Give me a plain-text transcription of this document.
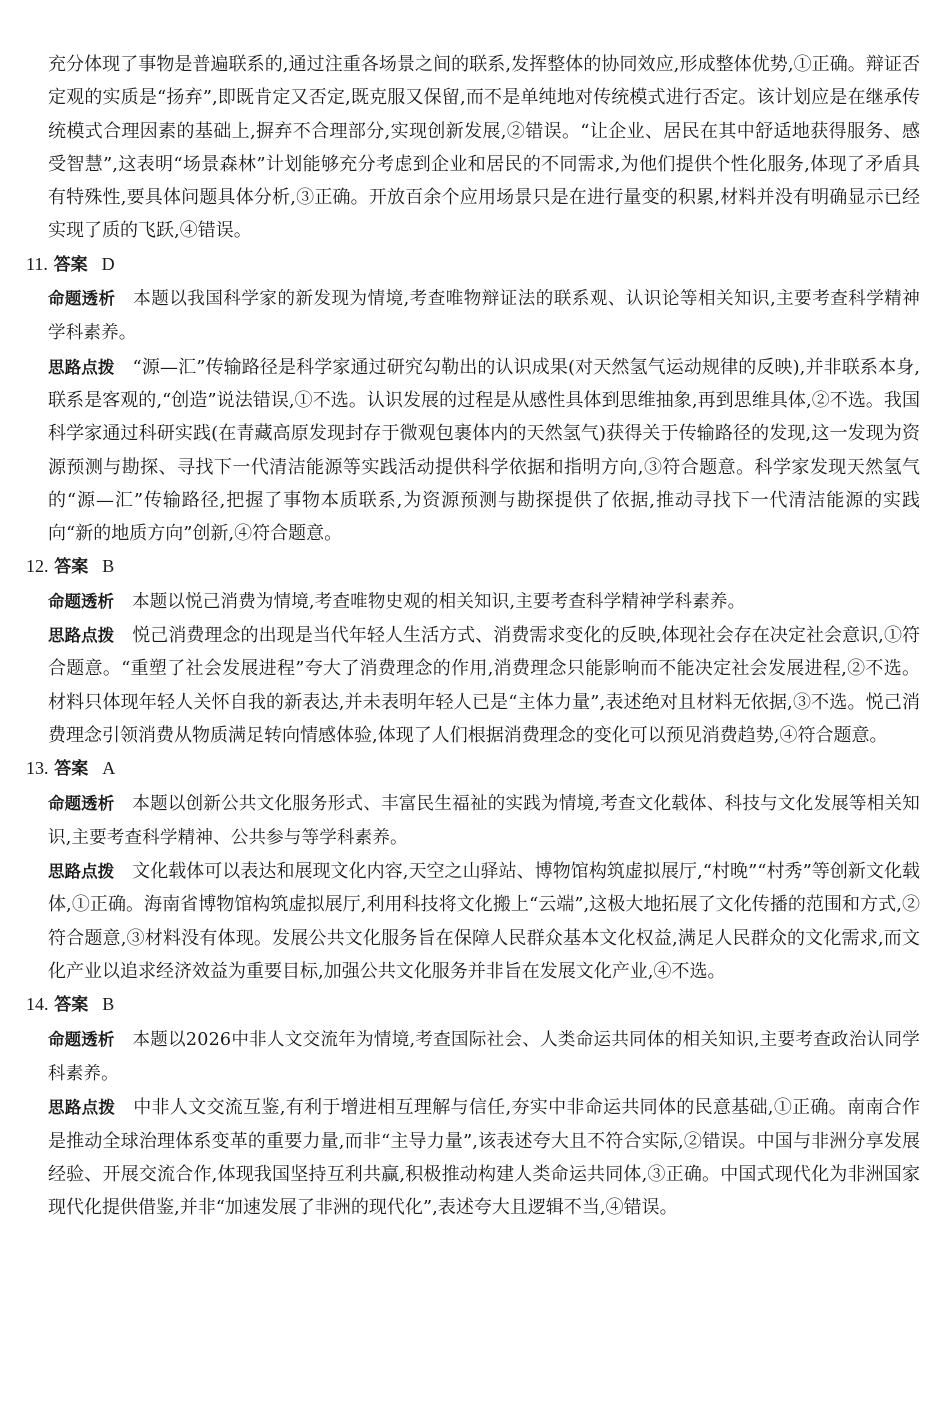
充分体现了事物是普遍联系的,通过注重各场景之间的联系,发挥整体的协同效应,形成整体优势,①正确。辩证否定观的实质是“扬弃”,即既肯定又否定,既克服又保留,而不是单纯地对传统模式进行否定。该计划应是在继承传统模式合理因素的基础上,摒弃不合理部分,实现创新发展,②错误。“让企业、居民在其中舒适地获得服务、感受智慧”,这表明“场景森林”计划能够充分考虑到企业和居民的不同需求,为他们提供个性化服务,体现了矛盾具有特殊性,要具体问题具体分析,③正确。开放百余个应用场景只是在进行量变的积累,材料并没有明确显示已经实现了质的飞跃,④错误。

11. 答案 D

命题透析 本题以我国科学家的新发现为情境,考查唯物辩证法的联系观、认识论等相关知识,主要考查科学精神学科素养。
思路点拨 “源—汇”传输路径是科学家通过研究勾勒出的认识成果(对天然氢气运动规律的反映),并非联系本身,联系是客观的,“创造”说法错误,①不选。认识发展的过程是从感性具体到思维抽象,再到思维具体,②不选。我国科学家通过科研实践(在青藏高原发现封存于微观包裹体内的天然氢气)获得关于传输路径的发现,这一发现为资源预测与勘探、寻找下一代清洁能源等实践活动提供科学依据和指明方向,③符合题意。科学家发现天然氢气的“源—汇”传输路径,把握了事物本质联系,为资源预测与勘探提供了依据,推动寻找下一代清洁能源的实践向“新的地质方向”创新,④符合题意。

12. 答案 B

命题透析 本题以悦己消费为情境,考查唯物史观的相关知识,主要考查科学精神学科素养。
思路点拨 悦己消费理念的出现是当代年轻人生活方式、消费需求变化的反映,体现社会存在决定社会意识,①符合题意。“重塑了社会发展进程”夸大了消费理念的作用,消费理念只能影响而不能决定社会发展进程,②不选。材料只体现年轻人关怀自我的新表达,并未表明年轻人已是“主体力量”,表述绝对且材料无依据,③不选。悦己消费理念引领消费从物质满足转向情感体验,体现了人们根据消费理念的变化可以预见消费趋势,④符合题意。

13. 答案 A

命题透析 本题以创新公共文化服务形式、丰富民生福祉的实践为情境,考查文化载体、科技与文化发展等相关知识,主要考查科学精神、公共参与等学科素养。
思路点拨 文化载体可以表达和展现文化内容,天空之山驿站、博物馆构筑虚拟展厅,“村晚”“村秀”等创新文化载体,①正确。海南省博物馆构筑虚拟展厅,利用科技将文化搬上“云端”,这极大地拓展了文化传播的范围和方式,②符合题意,③材料没有体现。发展公共文化服务旨在保障人民群众基本文化权益,满足人民群众的文化需求,而文化产业以追求经济效益为重要目标,加强公共文化服务并非旨在发展文化产业,④不选。

14. 答案 B

命题透析 本题以2026中非人文交流年为情境,考查国际社会、人类命运共同体的相关知识,主要考查政治认同学科素养。
思路点拨 中非人文交流互鉴,有利于增进相互理解与信任,夯实中非命运共同体的民意基础,①正确。南南合作是推动全球治理体系变革的重要力量,而非“主导力量”,该表述夸大且不符合实际,②错误。中国与非洲分享发展经验、开展交流合作,体现我国坚持互利共赢,积极推动构建人类命运共同体,③正确。中国式现代化为非洲国家现代化提供借鉴,并非“加速发展了非洲的现代化”,表述夸大且逻辑不当,④错误。
